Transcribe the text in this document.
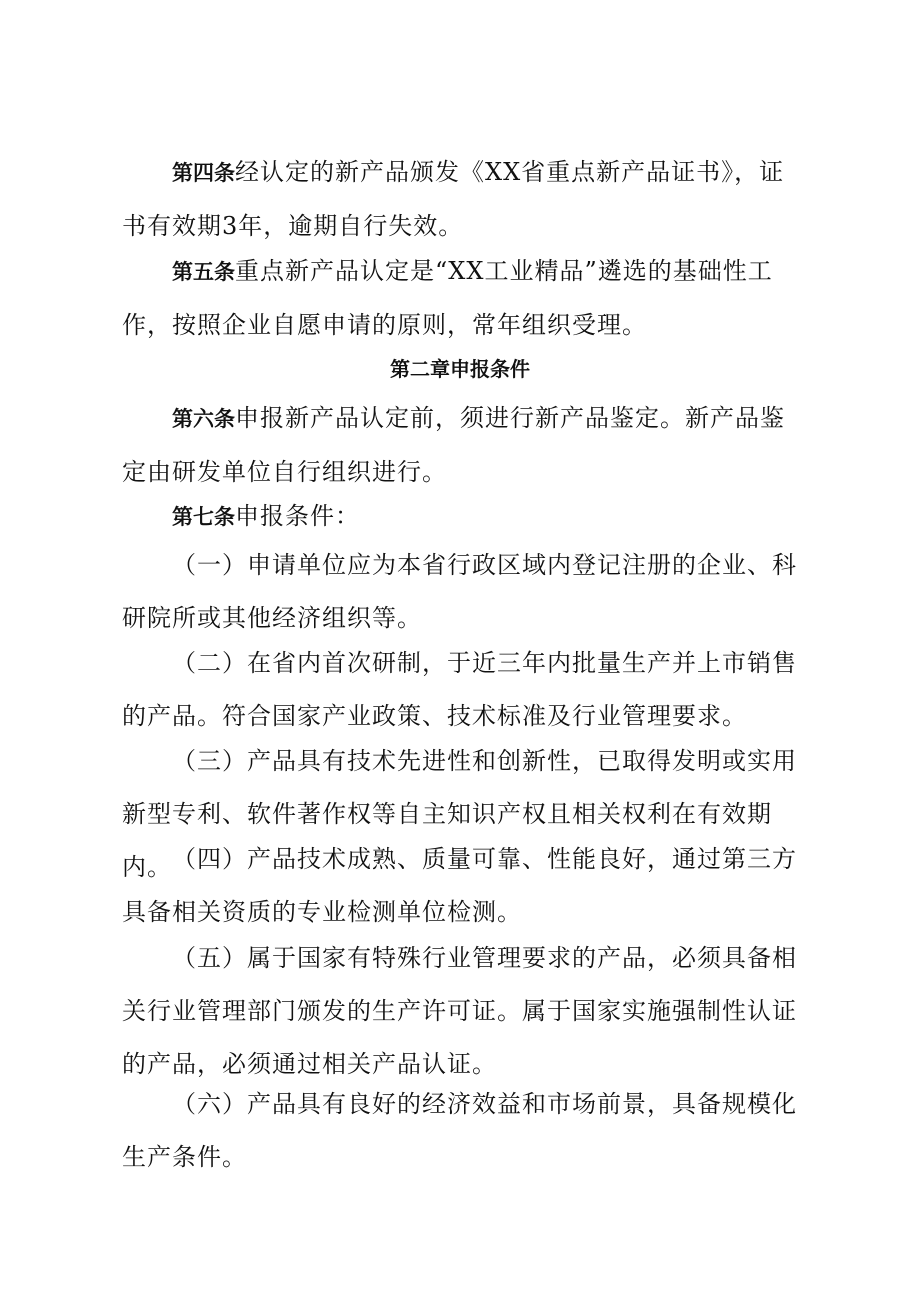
第四条经认定的新产品颁发《XX省重点新产品证书》，证书有效期3年，逾期自行失效。

第五条重点新产品认定是“XX工业精品”遴选的基础性工作，按照企业自愿申请的原则，常年组织受理。

第二章申报条件

第六条申报新产品认定前，须进行新产品鉴定。新产品鉴定由研发单位自行组织进行。

第七条申报条件：

（一）申请单位应为本省行政区域内登记注册的企业、科研院所或其他经济组织等。

（二）在省内首次研制，于近三年内批量生产并上市销售的产品。符合国家产业政策、技术标准及行业管理要求。

（三）产品具有技术先进性和创新性，已取得发明或实用新型专利、软件著作权等自主知识产权且相关权利在有效期内。 （四）产品技术成熟、质量可靠、性能良好，通过第三方具备相关资质的专业检测单位检测。

（五）属于国家有特殊行业管理要求的产品，必须具备相关行业管理部门颁发的生产许可证。属于国家实施强制性认证的产品，必须通过相关产品认证。

（六）产品具有良好的经济效益和市场前景，具备规模化生产条件。
